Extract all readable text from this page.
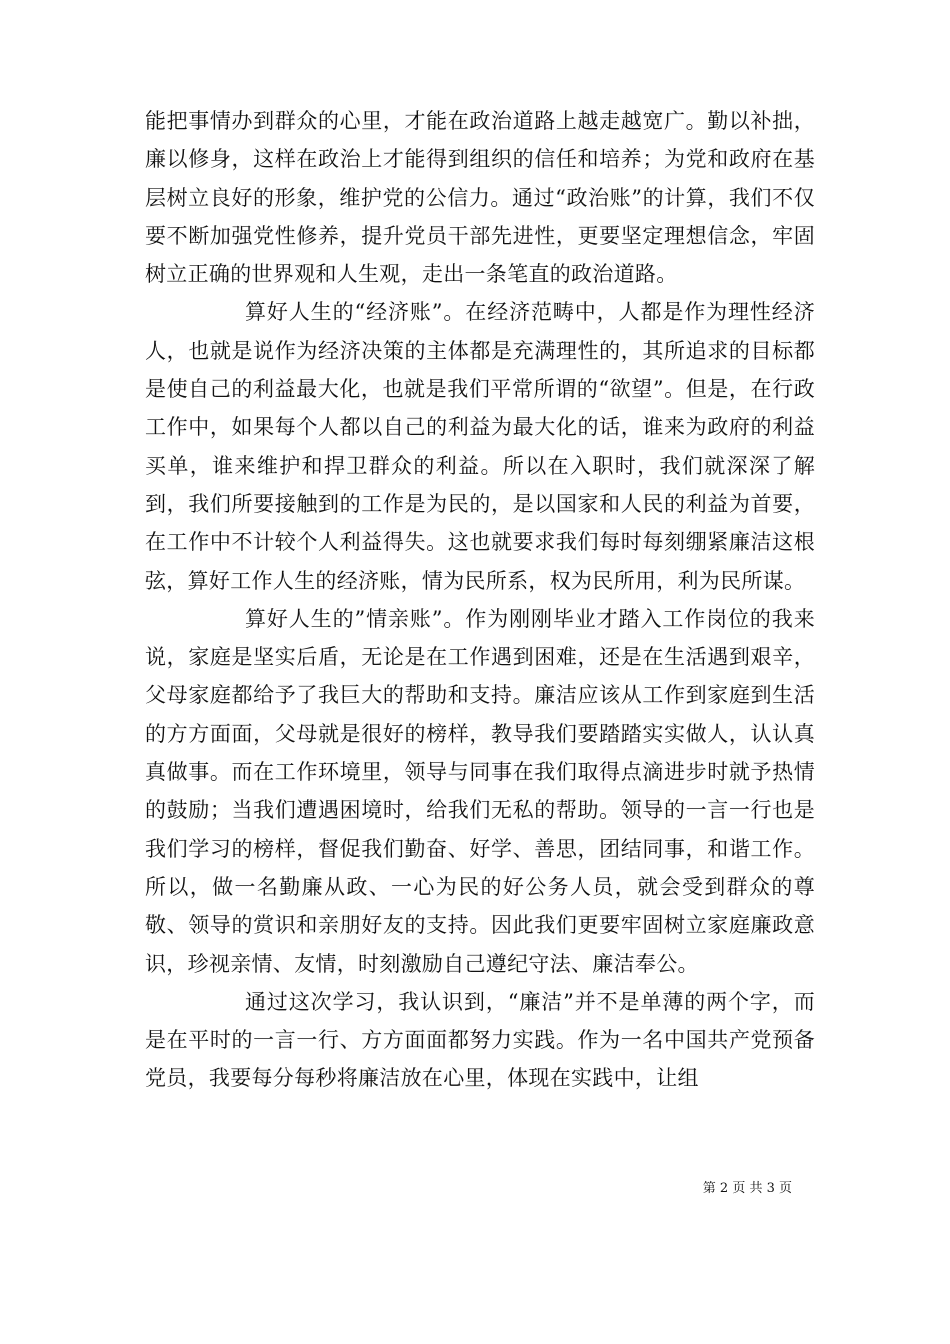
能把事情办到群众的心里，才能在政治道路上越走越宽广。勤以补拙，廉以修身，这样在政治上才能得到组织的信任和培养；为党和政府在基层树立良好的形象，维护党的公信力。通过“政治账”的计算，我们不仅要不断加强党性修养，提升党员干部先进性，更要坚定理想信念，牢固树立正确的世界观和人生观，走出一条笔直的政治道路。

算好人生的“经济账”。在经济范畴中，人都是作为理性经济人，也就是说作为经济决策的主体都是充满理性的，其所追求的目标都是使自己的利益最大化，也就是我们平常所谓的“欲望”。但是，在行政工作中，如果每个人都以自己的利益为最大化的话，谁来为政府的利益买单，谁来维护和捍卫群众的利益。所以在入职时，我们就深深了解到，我们所要接触到的工作是为民的，是以国家和人民的利益为首要，在工作中不计较个人利益得失。这也就要求我们每时每刻绷紧廉洁这根弦，算好工作人生的经济账，情为民所系，权为民所用，利为民所谋。

算好人生的”情亲账”。作为刚刚毕业才踏入工作岗位的我来说，家庭是坚实后盾，无论是在工作遇到困难，还是在生活遇到艰辛，父母家庭都给予了我巨大的帮助和支持。廉洁应该从工作到家庭到生活的方方面面，父母就是很好的榜样，教导我们要踏踏实实做人，认认真真做事。而在工作环境里，领导与同事在我们取得点滴进步时就予热情的鼓励；当我们遭遇困境时，给我们无私的帮助。领导的一言一行也是我们学习的榜样，督促我们勤奋、好学、善思，团结同事，和谐工作。所以，做一名勤廉从政、一心为民的好公务人员，就会受到群众的尊敬、领导的赏识和亲朋好友的支持。因此我们更要牢固树立家庭廉政意识，珍视亲情、友情，时刻激励自己遵纪守法、廉洁奉公。

通过这次学习，我认识到，“廉洁”并不是单薄的两个字，而是在平时的一言一行、方方面面都努力实践。作为一名中国共产党预备党员，我要每分每秒将廉洁放在心里，体现在实践中，让组

第 2 页 共 3 页
